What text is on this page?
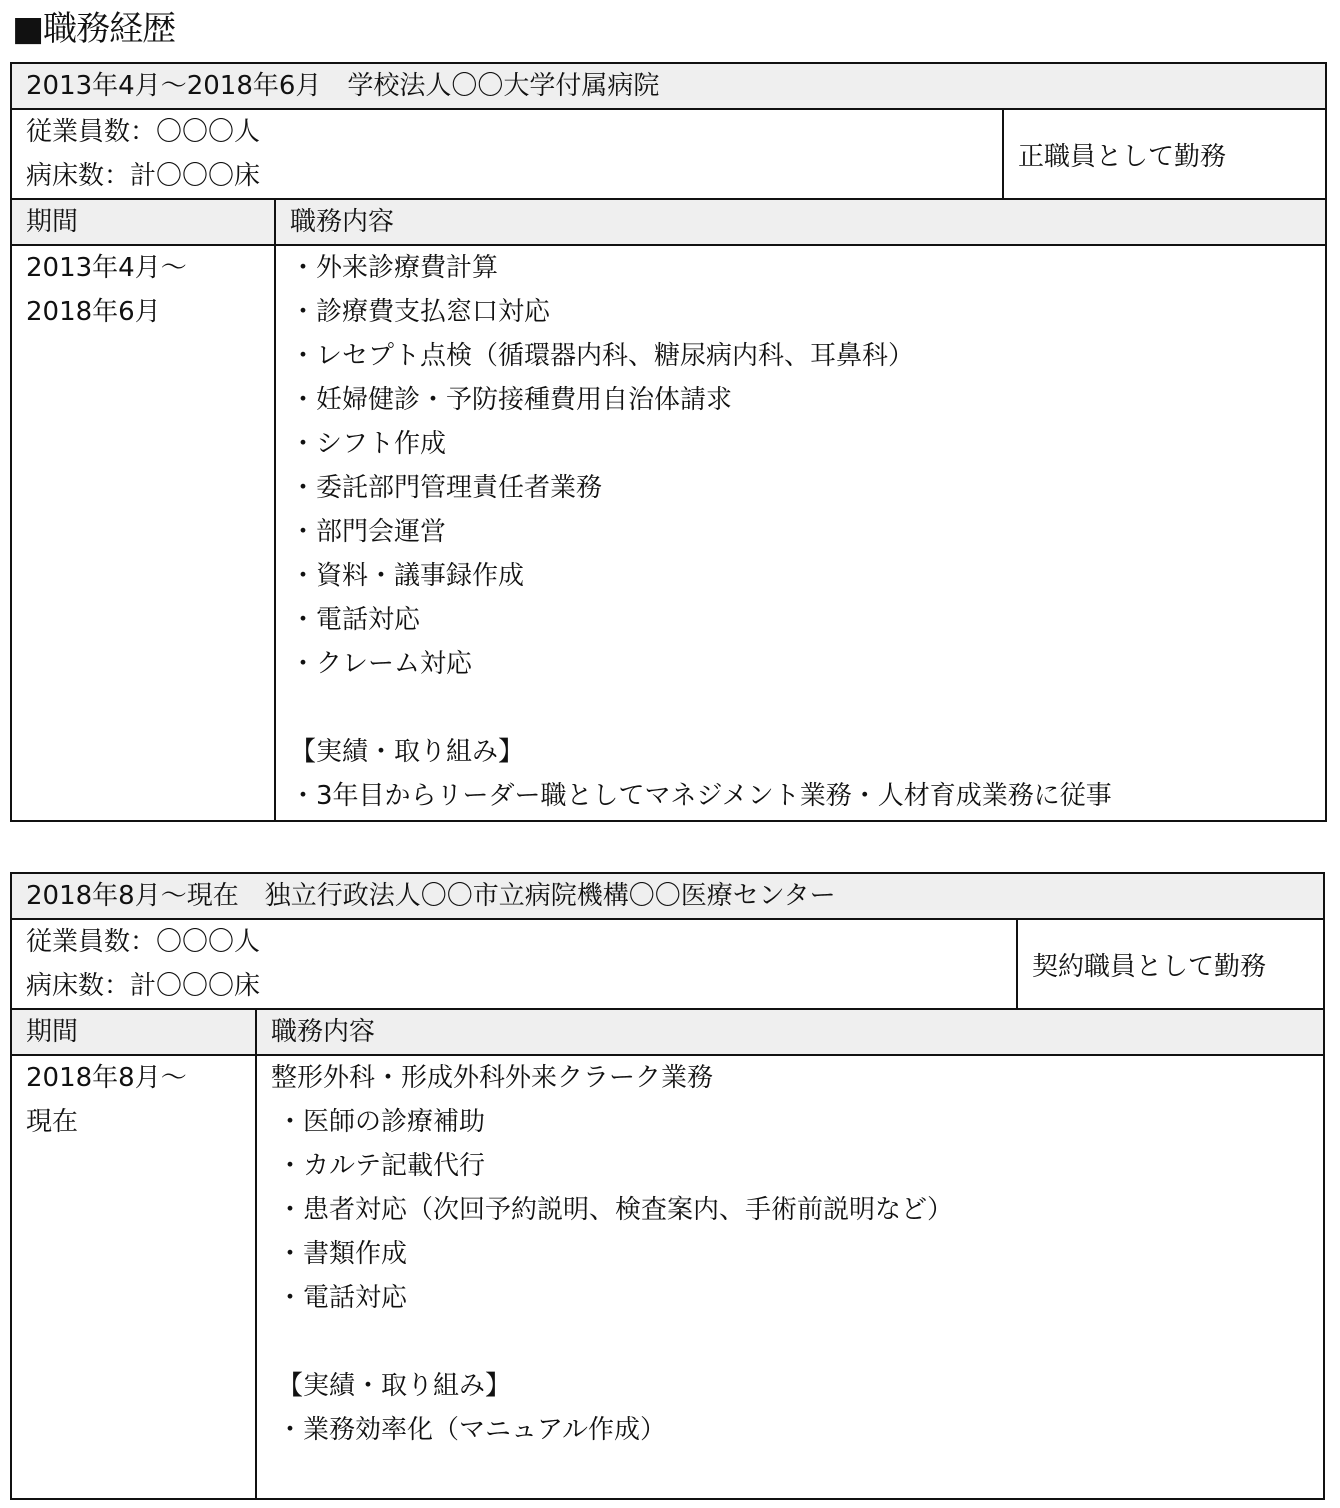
■職務経歴
2013年4月〜2018年6月　学校法人〇〇大学付属病院
従業員数：〇〇〇人
病床数：計〇〇〇床
正職員として勤務
期間	職務内容
2013年4月〜
2018年6月
・外来診療費計算
・診療費支払窓口対応
・レセプト点検（循環器内科、糖尿病内科、耳鼻科）
・妊婦健診・予防接種費用自治体請求
・シフト作成
・委託部門管理責任者業務
・部門会運営
・資料・議事録作成
・電話対応
・クレーム対応
【実績・取り組み】
・3年目からリーダー職としてマネジメント業務・人材育成業務に従事
2018年8月〜現在　独立行政法人〇〇市立病院機構〇〇医療センター
従業員数：〇〇〇人
病床数：計〇〇〇床
契約職員として勤務
期間	職務内容
2018年8月〜
現在
整形外科・形成外科外来クラーク業務
・医師の診療補助
・カルテ記載代行
・患者対応（次回予約説明、検査案内、手術前説明など）
・書類作成
・電話対応
【実績・取り組み】
・業務効率化（マニュアル作成）
